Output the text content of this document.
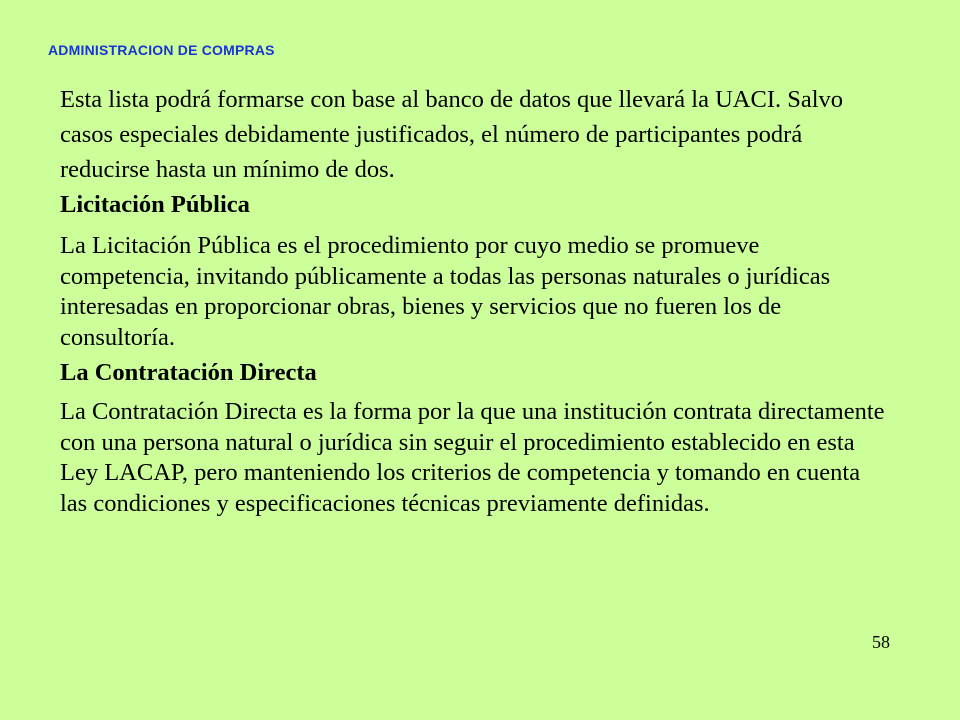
ADMINISTRACION DE COMPRAS

Esta lista podrá formarse con base al banco de datos que llevará la UACI. Salvo casos especiales debidamente justificados, el número de participantes podrá reducirse hasta un mínimo de dos.

Licitación Pública

La Licitación Pública es el procedimiento por cuyo medio se promueve competencia, invitando públicamente a todas las personas naturales o jurídicas interesadas en proporcionar obras, bienes y servicios que no fueren los de consultoría.

La Contratación Directa

La Contratación Directa es la forma por la que una institución contrata directamente con una persona natural o jurídica sin seguir el procedimiento establecido en esta Ley LACAP, pero manteniendo los criterios de competencia y tomando en cuenta las condiciones y especificaciones técnicas previamente definidas.

58
